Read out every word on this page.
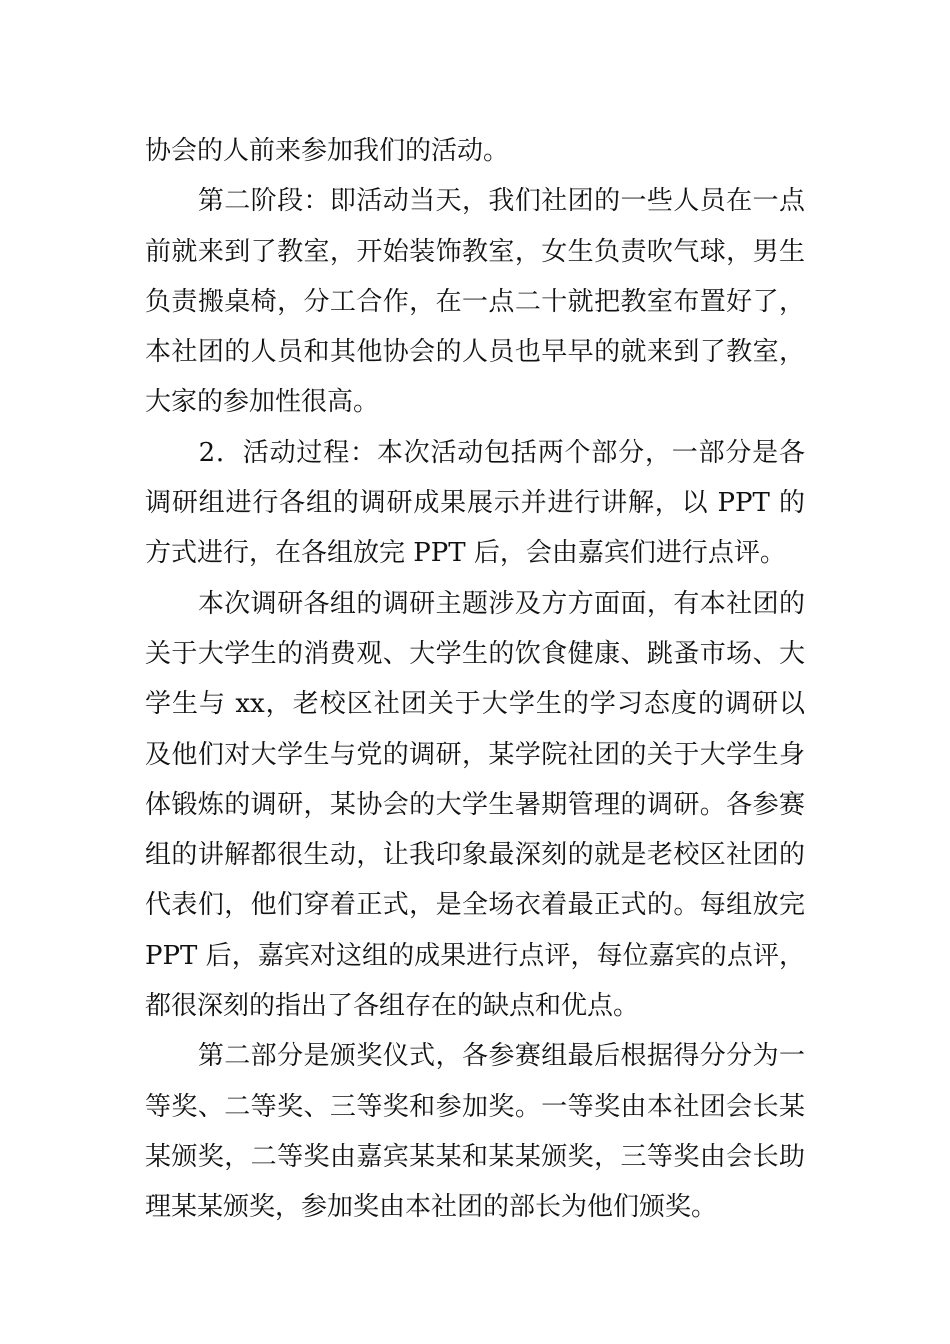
协会的人前来参加我们的活动。

　　第二阶段：即活动当天，我们社团的一些人员在一点前就来到了教室，开始装饰教室，女生负责吹气球，男生负责搬桌椅，分工合作，在一点二十就把教室布置好了，本社团的人员和其他协会的人员也早早的就来到了教室，大家的参加性很高。

　　2．活动过程：本次活动包括两个部分，一部分是各调研组进行各组的调研成果展示并进行讲解，以 PPT 的方式进行，在各组放完 PPT 后，会由嘉宾们进行点评。

　　本次调研各组的调研主题涉及方方面面，有本社团的关于大学生的消费观、大学生的饮食健康、跳蚤市场、大学生与 xx，老校区社团关于大学生的学习态度的调研以及他们对大学生与党的调研，某学院社团的关于大学生身体锻炼的调研，某协会的大学生暑期管理的调研。各参赛组的讲解都很生动，让我印象最深刻的就是老校区社团的代表们，他们穿着正式，是全场衣着最正式的。每组放完 PPT 后，嘉宾对这组的成果进行点评，每位嘉宾的点评，都很深刻的指出了各组存在的缺点和优点。

　　第二部分是颁奖仪式，各参赛组最后根据得分分为一等奖、二等奖、三等奖和参加奖。一等奖由本社团会长某某颁奖，二等奖由嘉宾某某和某某颁奖，三等奖由会长助理某某颁奖，参加奖由本社团的部长为他们颁奖。
